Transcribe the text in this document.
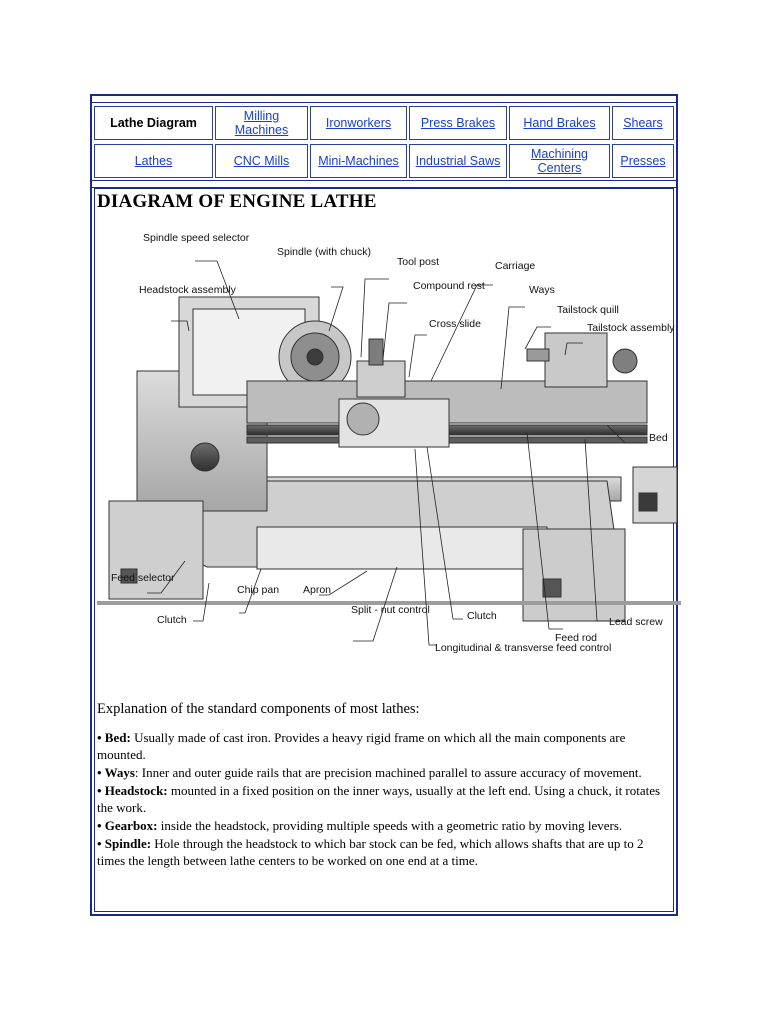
Lathe Diagram	Milling Machines	Ironworkers	Press Brakes	Hand Brakes	Shears
Lathes	CNC Mills	Mini-Machines	Industrial Saws	Machining Centers	Presses
DIAGRAM OF ENGINE LATHE
Spindle speed selector
Spindle (with chuck)
Tool post	Carriage
Compound rest	Ways
Headstock assembly
Cross slide
Tailstock quill
Tailstock assembly
Bed
Feed selector
Chip pan Apron
Split - nut control
Clutch	Clutch	Lead screw
Feed rod
Longitudinal & transverse feed control

Explanation of the standard components of most lathes:

• Bed: Usually made of cast iron. Provides a heavy rigid frame on which all the main components are mounted.

• Ways: Inner and outer guide rails that are precision machined parallel to assure accuracy of movement.

• Headstock: mounted in a fixed position on the inner ways, usually at the left end. Using a chuck, it rotates the work.

• Gearbox: inside the headstock, providing multiple speeds with a geometric ratio by moving levers.

• Spindle: Hole through the headstock to which bar stock can be fed, which allows shafts that are up to 2 times the length between lathe centers to be worked on one end at a time.
